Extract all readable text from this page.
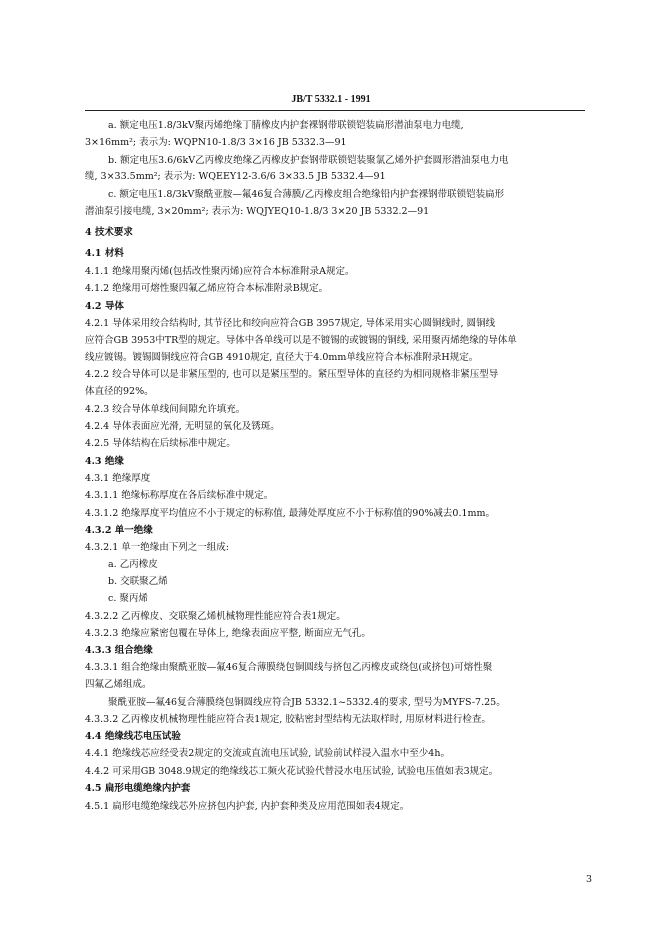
JB/T 5332.1 - 1991
a. 额定电压1.8/3kV聚丙烯绝缘丁腈橡皮内护套裸钢带联锁铠装扁形潜油泵电力电缆,
3×16mm²; 表示为: WQPN10-1.8/3 3×16 JB 5332.3—91
b. 额定电压3.6/6kV乙丙橡皮绝缘乙丙橡皮护套钢带联锁铠装聚氯乙烯外护套圆形潜油泵电力电
缆, 3×33.5mm²; 表示为: WQEEY12-3.6/6 3×33.5 JB 5332.4—91
c. 额定电压1.8/3kV聚酰亚胺—氟46复合薄膜/乙丙橡皮组合绝缘铅内护套裸钢带联锁铠装扁形
潜油泵引接电缆, 3×20mm²; 表示为: WQJYEQ10-1.8/3 3×20 JB 5332.2—91
4 技术要求
4.1 材料
4.1.1 绝缘用聚丙烯(包括改性聚丙烯)应符合本标准附录A规定。
4.1.2 绝缘用可熔性聚四氟乙烯应符合本标准附录B规定。
4.2 导体
4.2.1 导体采用绞合结构时, 其节径比和绞向应符合GB 3957规定, 导体采用实心圆铜线时, 圆铜线
应符合GB 3953中TR型的规定。导体中各单线可以是不镀锡的或镀锡的铜线, 采用聚丙烯绝缘的导体单
线应镀锡。镀锡圆铜线应符合GB 4910规定, 直径大于4.0mm单线应符合本标准附录H规定。
4.2.2 绞合导体可以是非紧压型的, 也可以是紧压型的。紧压型导体的直径约为相同规格非紧压型导
体直径的92%。
4.2.3 绞合导体单线间间隙允许填充。
4.2.4 导体表面应光滑, 无明显的氧化及锈斑。
4.2.5 导体结构在后续标准中规定。
4.3 绝缘
4.3.1 绝缘厚度
4.3.1.1 绝缘标称厚度在各后续标准中规定。
4.3.1.2 绝缘厚度平均值应不小于规定的标称值, 最薄处厚度应不小于标称值的90%减去0.1mm。
4.3.2 单一绝缘
4.3.2.1 单一绝缘由下列之一组成:
a. 乙丙橡皮
b. 交联聚乙烯
c. 聚丙烯
4.3.2.2 乙丙橡皮、交联聚乙烯机械物理性能应符合表1规定。
4.3.2.3 绝缘应紧密包覆在导体上, 绝缘表面应平整, 断面应无气孔。
4.3.3 组合绝缘
4.3.3.1 组合绝缘由聚酰亚胺—氟46复合薄膜绕包铜圆线与挤包乙丙橡皮或绕包(或挤包)可熔性聚
四氟乙烯组成。
聚酰亚胺—氟46复合薄膜绕包铜圆线应符合JB 5332.1~5332.4的要求, 型号为MYFS-7.25。
4.3.3.2 乙丙橡皮机械物理性能应符合表1规定, 胶粘密封型结构无法取样时, 用原材料进行检查。
4.4 绝缘线芯电压试验
4.4.1 绝缘线芯应经受表2规定的交流或直流电压试验, 试验前试样浸入温水中至少4h。
4.4.2 可采用GB 3048.9规定的绝缘线芯工频火花试验代替浸水电压试验, 试验电压值如表3规定。
4.5 扁形电缆绝缘内护套
4.5.1 扁形电缆绝缘线芯外应挤包内护套, 内护套种类及应用范围如表4规定。
3
